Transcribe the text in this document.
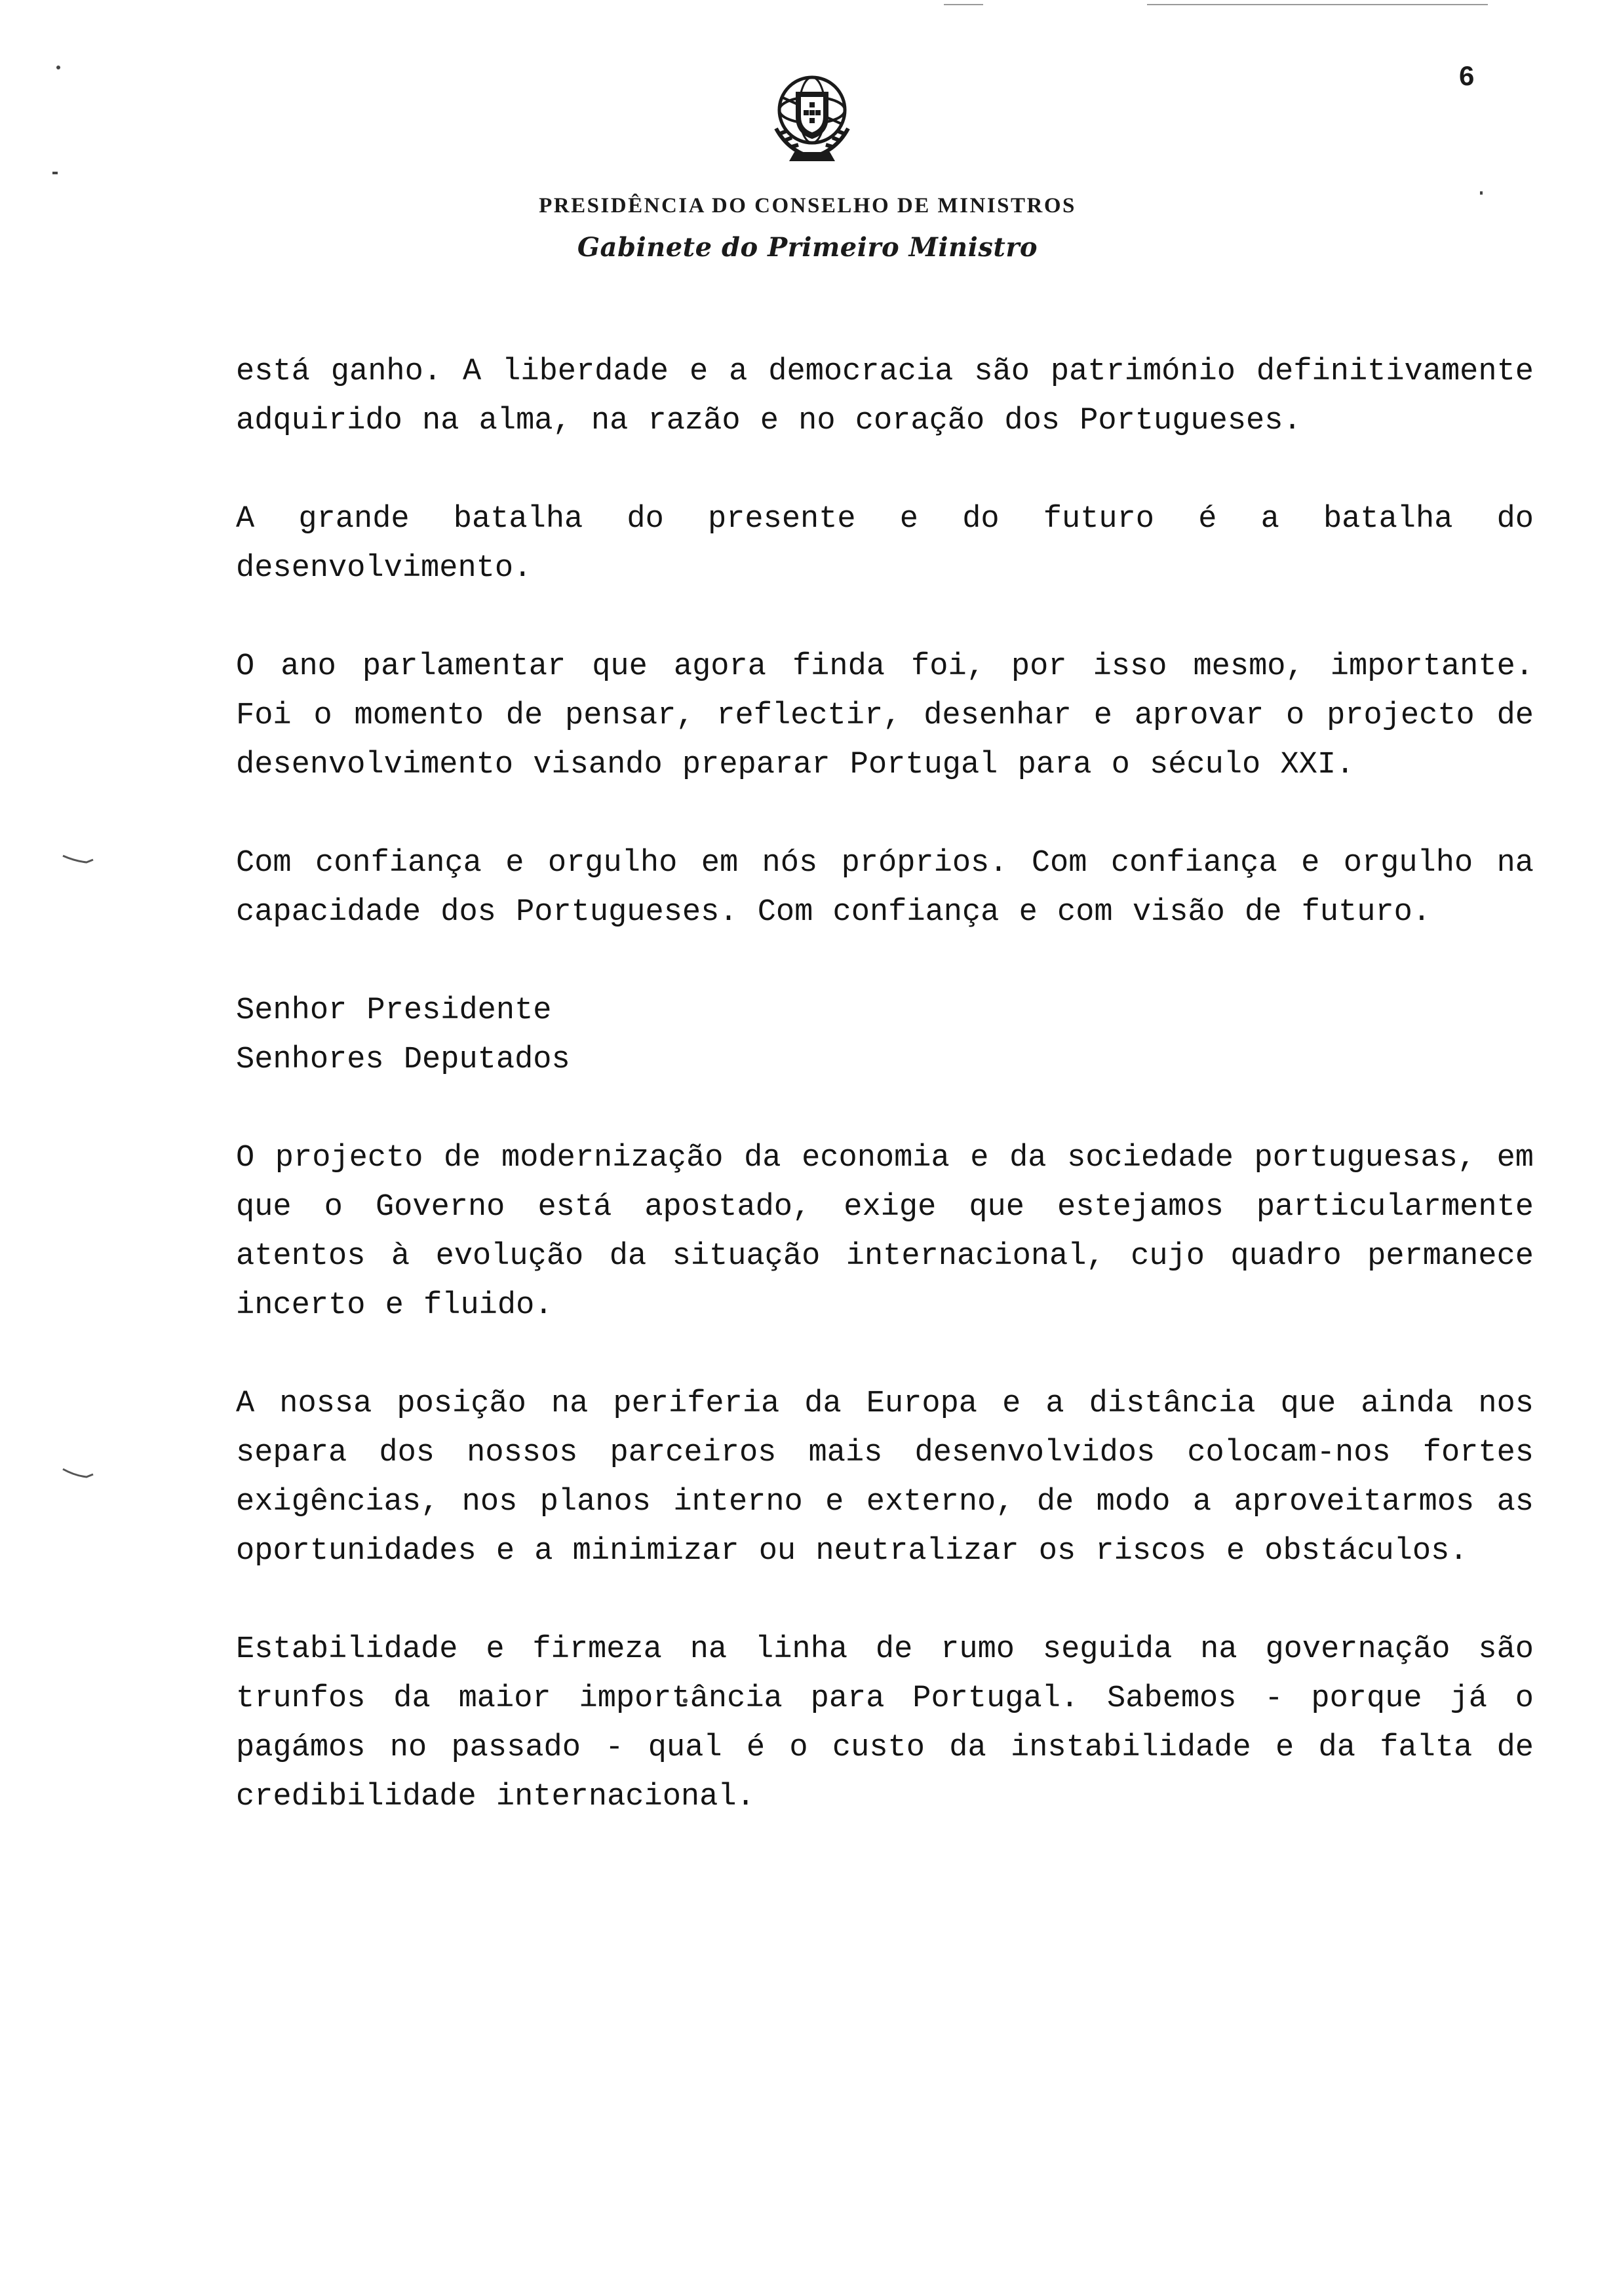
6
PRESIDÊNCIA DO CONSELHO DE MINISTROS
Gabinete do Primeiro Ministro

está ganho. A liberdade e a democracia são património definitivamente adquirido na alma, na razão e no coração dos Portugueses.

A grande batalha do presente e do futuro é a batalha do desenvolvimento.

O ano parlamentar que agora finda foi, por isso mesmo, importante. Foi o momento de pensar, reflectir, desenhar e aprovar o projecto de desenvolvimento visando preparar Portugal para o século XXI.

Com confiança e orgulho em nós próprios. Com confiança e orgulho na capacidade dos Portugueses. Com confiança e com visão de futuro.

Senhor Presidente
Senhores Deputados

O projecto de modernização da economia e da sociedade portuguesas, em que o Governo está apostado, exige que estejamos particularmente atentos à evolução da situação internacional, cujo quadro permanece incerto e fluido.

A nossa posição na periferia da Europa e a distância que ainda nos separa dos nossos parceiros mais desenvolvidos colocam-nos fortes exigências, nos planos interno e externo, de modo a aproveitarmos as oportunidades e a minimizar ou neutralizar os riscos e obstáculos.

Estabilidade e firmeza na linha de rumo seguida na governação são trunfos da maior importância para Portugal. Sabemos - porque já o pagámos no passado - qual é o custo da instabilidade e da falta de credibilidade internacional.
